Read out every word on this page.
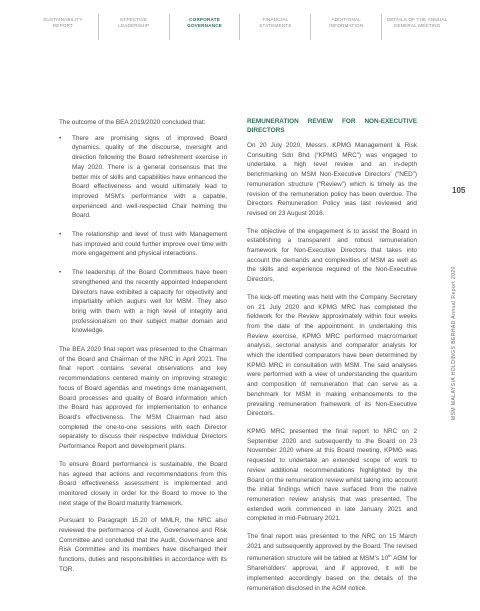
SUSTAINABILITY
REPORT
EFFECTIVE
LEADERSHIP
CORPORATE
GOVERNANCE
FINANCIAL
STATEMENTS
ADDITIONAL
INFORMATION
DETAILS OF THE ANNUAL
GENERAL MEETING

The outcome of the BEA 2019/2020 concluded that:

•	There are promising signs of improved Board dynamics, quality of the discourse, oversight and direction following the Board refreshment exercise in May 2020. There is a general consensus that the better mix of skills and capabilities have enhanced the Board effectiveness and would ultimately lead to improved MSM’s performance with a capable, experienced and well-respected Chair helming the Board.
•	The relationship and level of trust with Management has improved and could further improve over time with more engagement and physical interactions.
•	The leadership of the Board Committees have been strengthened and the recently appointed Independent Directors have exhibited a capacity for objectivity and impartiality which augurs well for MSM. They also bring with them with a high level of integrity and professionalism on their subject matter domain and knowledge.

The BEA 2020 final report was presented to the Chairman of the Board and Chairman of the NRC in April 2021. The final report contains several observations and key recommendations centered mainly on improving strategic focus of Board agendas and meetings time management, Board processes and quality of Board information which the Board has approved for implementation to enhance Board’s effectiveness. The MSM Chairman had also completed the one-to-one sessions with each Director separately to discuss their respective Individual Directors Performance Report and development plans.

To ensure Board performance is sustainable, the Board has agreed that actions and recommendations from this Board effectiveness assessment is implemented and monitored closely in order for the Board to move to the next stage of the Board maturity framework.

Pursuant to Paragraph 15.20 of MMLR, the NRC also reviewed the performance of Audit, Governance and Risk Committee and concluded that the Audit, Governance and Risk Committee and its members have discharged their functions, duties and responsibilities in accordance with its TOR.

REMUNERATION REVIEW FOR NON-EXECUTIVE DIRECTORS

On 20 July 2020, Messrs. KPMG Management & Risk Consulting Sdn Bhd (“KPMG MRC”) was engaged to undertake a high level review and an in-depth benchmarking on MSM Non-Executive Directors’ (“NED”) remuneration structure (“Review”) which is timely as the revision of the remuneration policy has been overdue. The Directors Remuneration Policy was last reviewed and revised on 23 August 2016.

The objective of the engagement is to assist the Board in establishing a transparent and robust remuneration framework for Non-Executive Directors that takes into account the demands and complexities of MSM as well as the skills and experience required of the Non-Executive Directors.

The kick-off meeting was held with the Company Secretary on 21 July 2020 and KPMG MRC has completed the fieldwork for the Review approximately within four weeks from the date of the appointment. In undertaking this Review exercise, KPMG MRC performed macro/market analysis, sectorial analysis and comparator analysis for which the identified comparators have been determined by KPMG MRC in consultation with MSM. The said analyses were performed with a view of understanding the quantum and composition of remuneration that can serve as a benchmark for MSM in making enhancements to the prevailing remuneration framework of its Non-Executive Directors.

KPMG MRC presented the final report to NRC on 2 September 2020 and subsequently to the Board on 23 November 2020 where at this Board meeting, KPMG was requested to undertake an extended scope of work to review additional recommendations highlighted by the Board on the remuneration review whilst taking into account the initial findings which have surfaced from the native remuneration review analysis that was presented. The extended work commenced in late January 2021 and completed in mid-February 2021.

The final report was presented to the NRC on 15 March 2021 and subsequently approved by the Board. The revised remuneration structure will be tabled at MSM’s 10th AGM for Shareholders’ approval, and if approved, it will be implemented accordingly based on the details of the remuneration disclosed in the AGM notice.

105
MSM MALAYSIA HOLDINGS BERHAD Annual Report 2020
